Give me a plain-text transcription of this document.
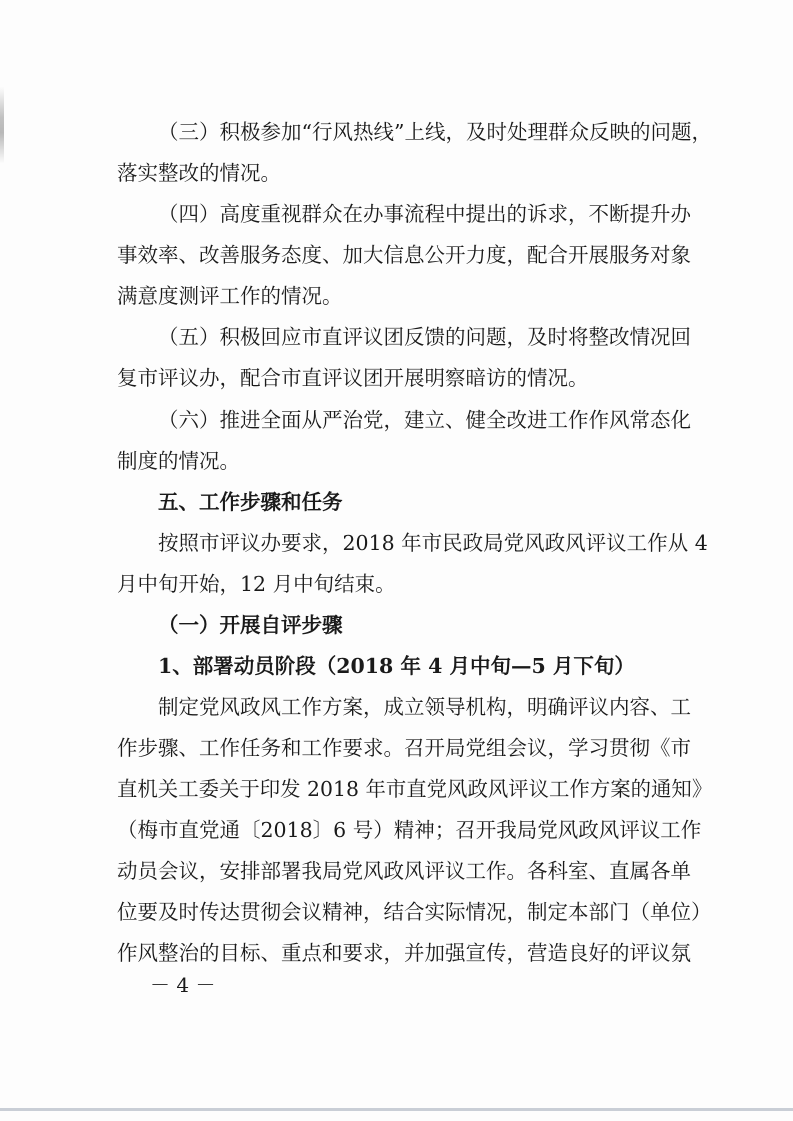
（三）积极参加“行风热线”上线，及时处理群众反映的问题，
落实整改的情况。
（四）高度重视群众在办事流程中提出的诉求，不断提升办
事效率、改善服务态度、加大信息公开力度，配合开展服务对象
满意度测评工作的情况。
（五）积极回应市直评议团反馈的问题，及时将整改情况回
复市评议办，配合市直评议团开展明察暗访的情况。
（六）推进全面从严治党，建立、健全改进工作作风常态化
制度的情况。
五、工作步骤和任务
按照市评议办要求，2018 年市民政局党风政风评议工作从 4
月中旬开始，12 月中旬结束。
（一）开展自评步骤
1、部署动员阶段（2018 年 4 月中旬—5 月下旬）
制定党风政风工作方案，成立领导机构，明确评议内容、工
作步骤、工作任务和工作要求。召开局党组会议，学习贯彻《市
直机关工委关于印发 2018 年市直党风政风评议工作方案的通知》
（梅市直党通〔2018〕6 号）精神；召开我局党风政风评议工作
动员会议，安排部署我局党风政风评议工作。各科室、直属各单
位要及时传达贯彻会议精神，结合实际情况，制定本部门（单位）
作风整治的目标、重点和要求，并加强宣传，营造良好的评议氛
－ 4 －
